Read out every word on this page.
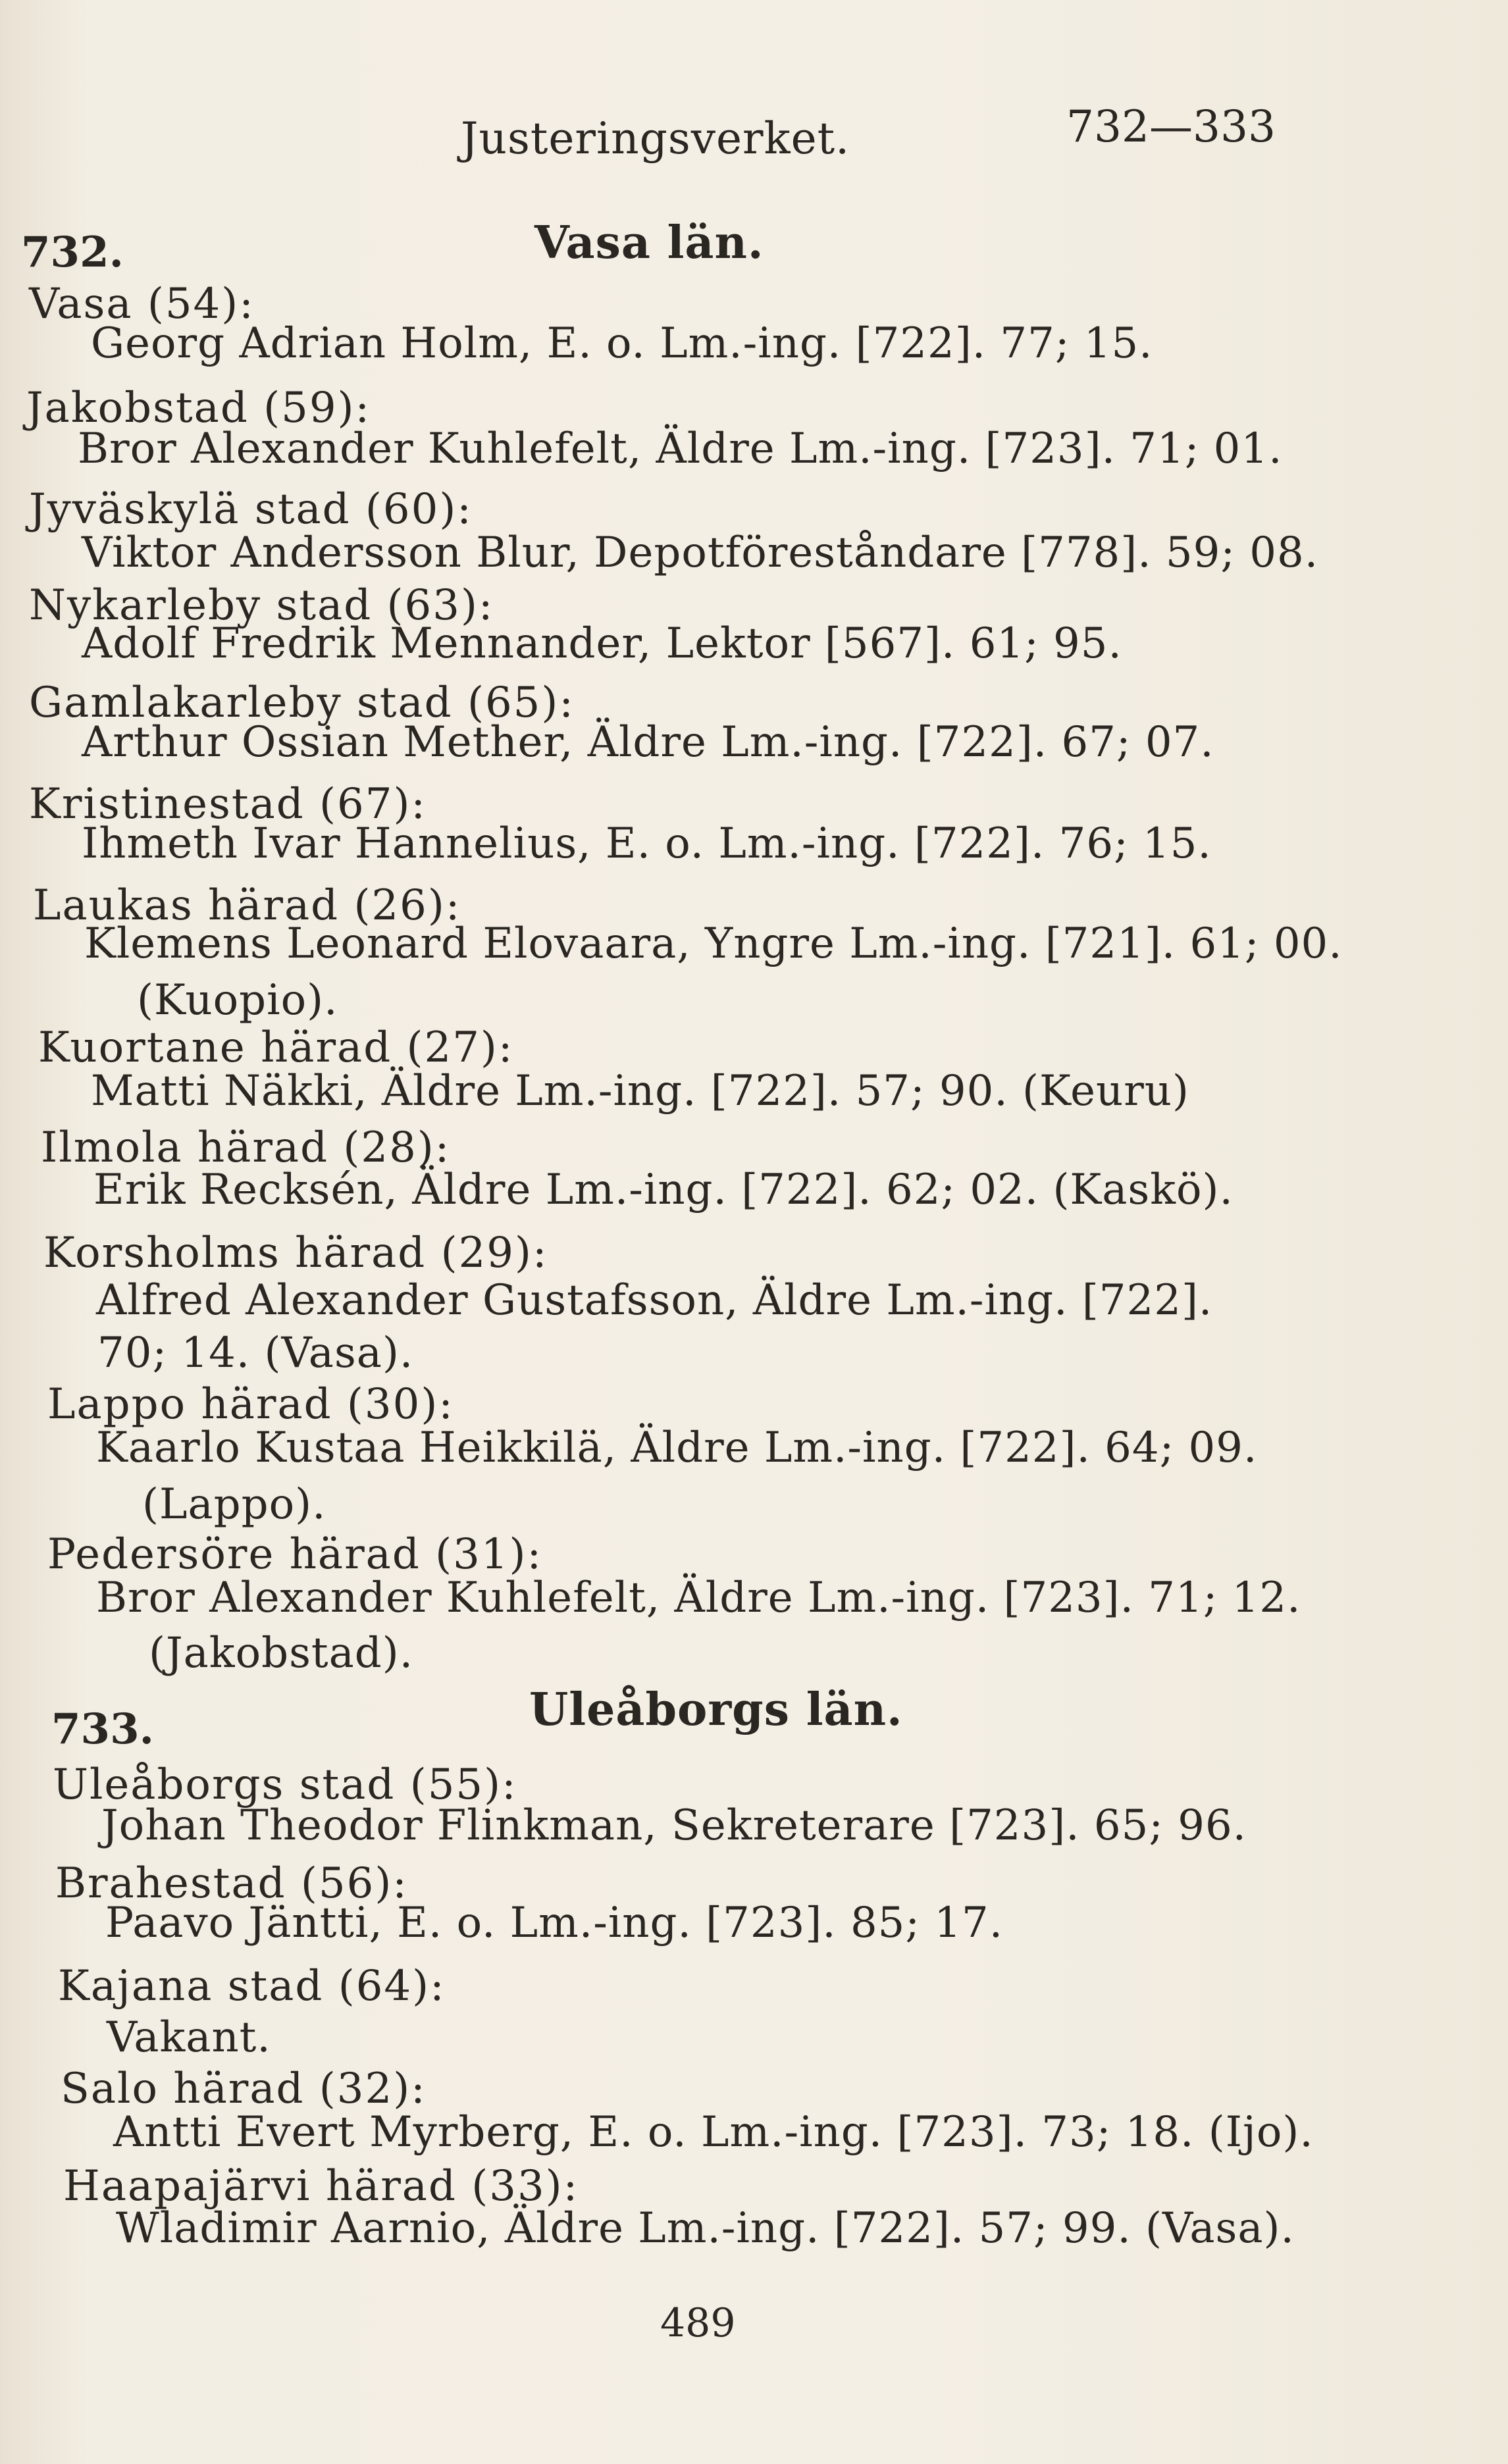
Justeringsverket.	732—333
732.	Vasa län.
Vasa (54):
Georg Adrian Holm, E. o. Lm.-ing. [722]. 77; 15.
Jakobstad (59):
Bror Alexander Kuhlefelt, Äldre Lm.-ing. [723]. 71; 01.
Jyväskylä stad (60):
Viktor Andersson Blur, Depotföreståndare [778]. 59; 08.
Nykarleby stad (63):
Adolf Fredrik Mennander, Lektor [567]. 61; 95.
Gamlakarleby stad (65):
Arthur Ossian Mether, Äldre Lm.-ing. [722]. 67; 07.
Kristinestad (67):
Ihmeth Ivar Hannelius, E. o. Lm.-ing. [722]. 76; 15.
Laukas härad (26):
Klemens Leonard Elovaara, Yngre Lm.-ing. [721]. 61; 00.
(Kuopio).
Kuortane härad (27):
Matti Näkki, Äldre Lm.-ing. [722]. 57; 90. (Keuru)
Ilmola härad (28):
Erik Recksén, Äldre Lm.-ing. [722]. 62; 02. (Kaskö).
Korsholms härad (29):
Alfred Alexander Gustafsson, Äldre Lm.-ing. [722].
70; 14. (Vasa).
Lappo härad (30):
Kaarlo Kustaa Heikkilä, Äldre Lm.-ing. [722]. 64; 09.
(Lappo).
Pedersöre härad (31):
Bror Alexander Kuhlefelt, Äldre Lm.-ing. [723]. 71; 12.
(Jakobstad).
733.	Uleåborgs län.
Uleåborgs stad (55):
Johan Theodor Flinkman, Sekreterare [723]. 65; 96.
Brahestad (56):
Paavo Jäntti, E. o. Lm.-ing. [723]. 85; 17.
Kajana stad (64):
Vakant.
Salo härad (32):
Antti Evert Myrberg, E. o. Lm.-ing. [723]. 73; 18. (Ijo).
Haapajärvi härad (33):
Wladimir Aarnio, Äldre Lm.-ing. [722]. 57; 99. (Vasa).
489
